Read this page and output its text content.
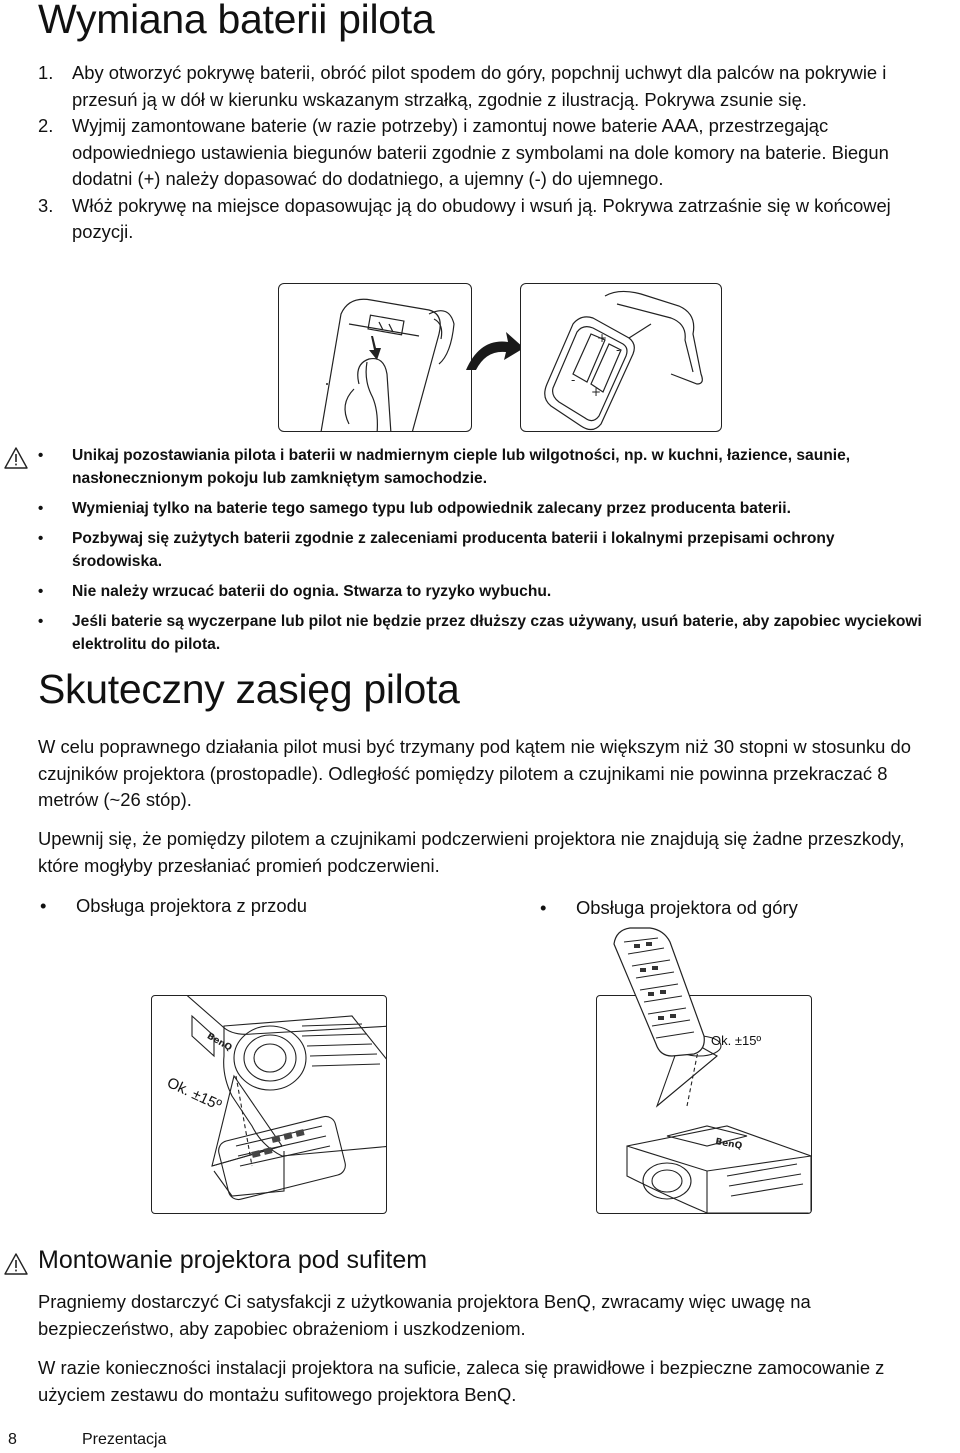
Wymiana baterii pilota
1. Aby otworzyć pokrywę baterii, obróć pilot spodem do góry, popchnij uchwyt dla palców na pokrywie i przesuń ją w dół w kierunku wskazanym strzałką, zgodnie z ilustracją. Pokrywa zsunie się.
2. Wyjmij zamontowane baterie (w razie potrzeby) i zamontuj nowe baterie AAA, przestrzegając odpowiedniego ustawienia biegunów baterii zgodnie z symbolami na dole komory na baterie. Biegun dodatni (+) należy dopasować do dodatniego, a ujemny (-) do ujemnego.
3. Włóż pokrywę na miejsce dopasowując ją do obudowy i wsuń ją. Pokrywa zatrzaśnie się w końcowej pozycji.
+
-
-
+
• Unikaj pozostawiania pilota i baterii w nadmiernym cieple lub wilgotności, np. w kuchni, łazience, saunie, nasłonecznionym pokoju lub zamkniętym samochodzie.
• Wymieniaj tylko na baterie tego samego typu lub odpowiednik zalecany przez producenta baterii.
• Pozbywaj się zużytych baterii zgodnie z zaleceniami producenta baterii i lokalnymi przepisami ochrony środowiska.
• Nie należy wrzucać baterii do ognia. Stwarza to ryzyko wybuchu.
• Jeśli baterie są wyczerpane lub pilot nie będzie przez dłuższy czas używany, usuń baterie, aby zapobiec wyciekowi elektrolitu do pilota.
Skuteczny zasięg pilota
W celu poprawnego działania pilot musi być trzymany pod kątem nie większym niż 30 stopni w stosunku do czujników projektora (prostopadle). Odległość pomiędzy pilotem a czujnikami nie powinna przekraczać 8 metrów (~26 stóp).
Upewnij się, że pomiędzy pilotem a czujnikami podczerwieni projektora nie znajdują się żadne przeszkody, które mogłyby przesłaniać promień podczerwieni.
• Obsługa projektora z przodu	• Obsługa projektora od góry
BenQ
Ok. ±15º
BenQ
Ok. ±15º
Montowanie projektora pod sufitem
Pragniemy dostarczyć Ci satysfakcji z użytkowania projektora BenQ, zwracamy więc uwagę na bezpieczeństwo, aby zapobiec obrażeniom i uszkodzeniom.
W razie konieczności instalacji projektora na suficie, zaleca się prawidłowe i bezpieczne zamocowanie z użyciem zestawu do montażu sufitowego projektora BenQ.
8	Prezentacja
